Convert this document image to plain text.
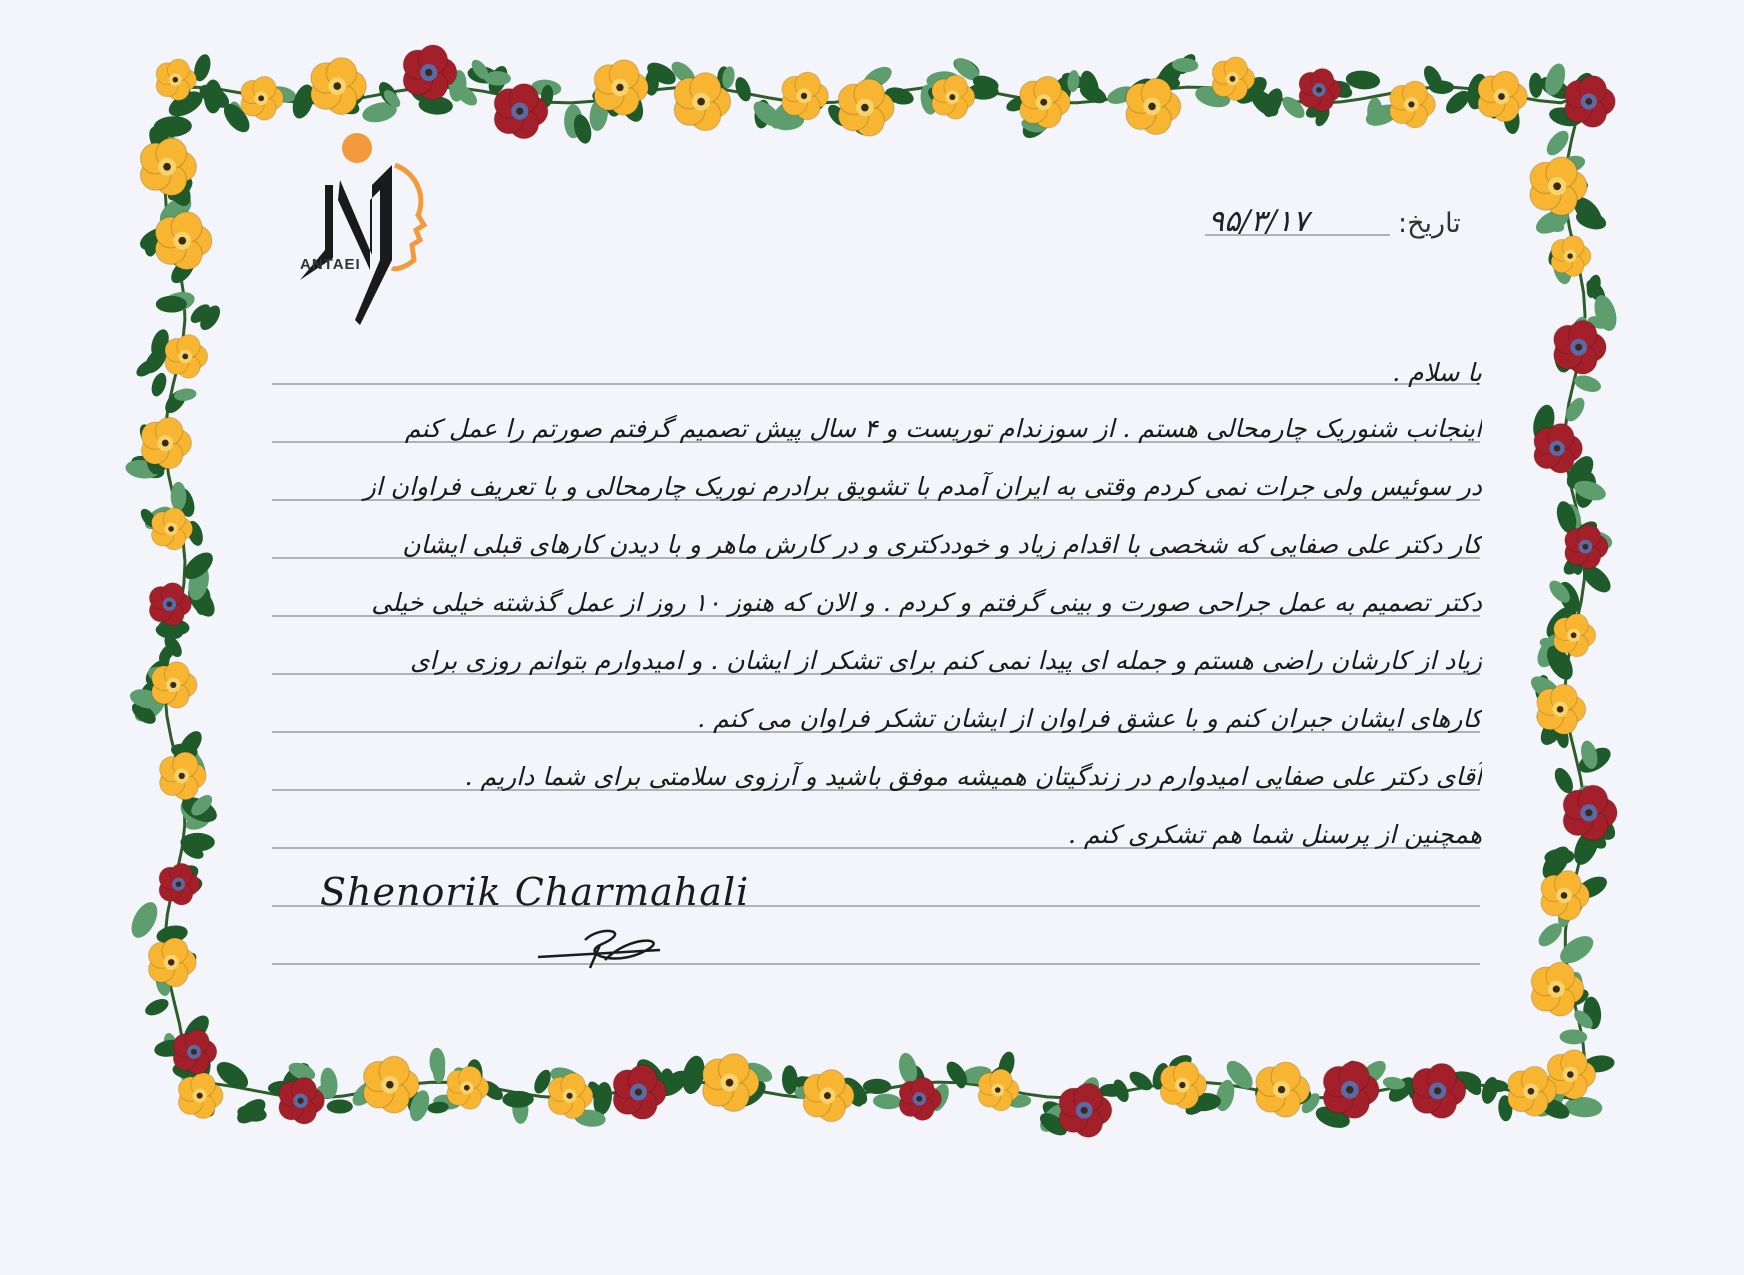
ANTAEI
تاریخ:
۹۵/۳/۱۷
با سلام .
اینجانب شنوریک چارمحالی هستم . از سوزندام توریست و ۴ سال پیش تصمیم گرفتم صورتم را عمل کنم
در سوئیس ولی جرات نمی کردم وقتی به ایران آمدم با تشویق برادرم نوریک چارمحالی و با تعریف فراوان از
کار دکتر علی صفایی که شخصی با اقدام زیاد و خوددکتری و در کارش ماهر و با دیدن کارهای قبلی ایشان
دکتر تصمیم به عمل جراحی صورت و بینی گرفتم و کردم . و الان که هنوز ۱۰ روز از عمل گذشته خیلی خیلی
زیاد از کارشان راضی هستم و جمله ای پیدا نمی کنم برای تشکر از ایشان . و امیدوارم بتوانم روزی برای
کارهای ایشان جبران کنم و با عشق فراوان از ایشان تشکر فراوان می کنم .
آقای دکتر علی صفایی امیدوارم در زندگیتان همیشه موفق باشید و آرزوی سلامتی برای شما داریم .
همچنین از پرسنل شما هم تشکری کنم .
Shenorik Charmahali
